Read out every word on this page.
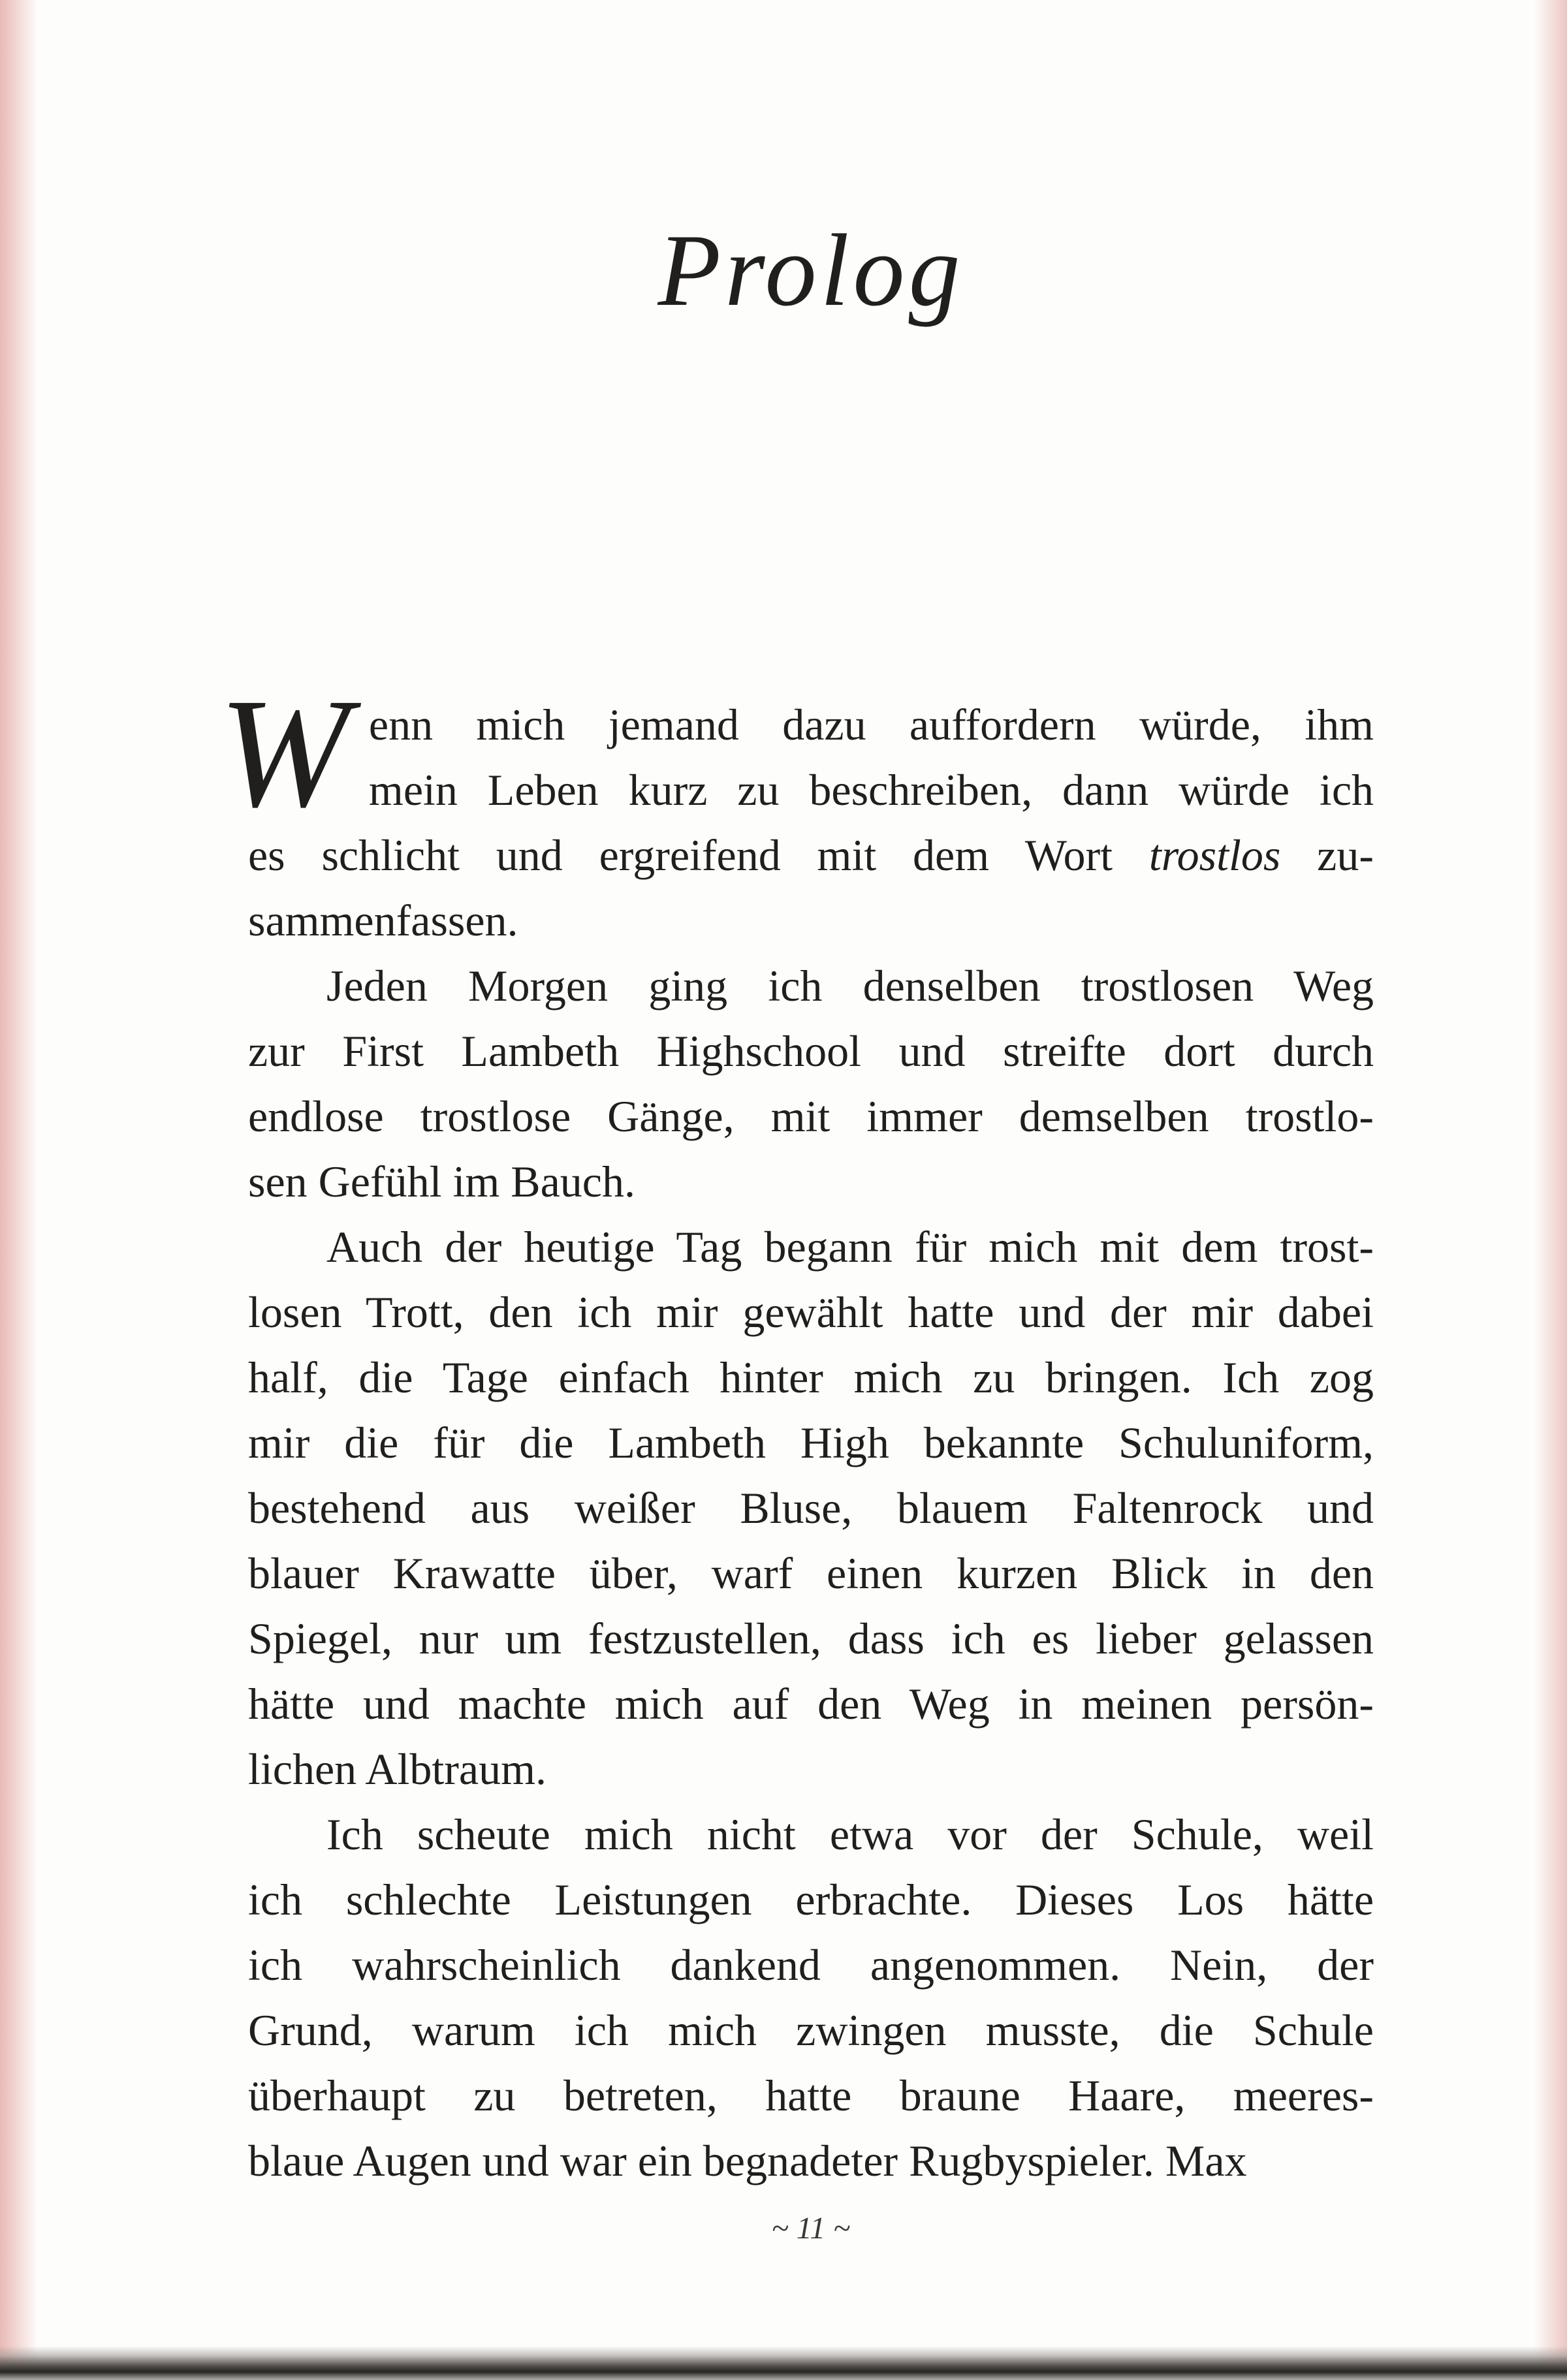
Prolog
W enn mich jemand dazu auffordern würde, ihm
mein Leben kurz zu beschreiben, dann würde ich
es schlicht und ergreifend mit dem Wort trostlos zu-
sammenfassen.
Jeden Morgen ging ich denselben trostlosen Weg
zur First Lambeth Highschool und streifte dort durch
endlose trostlose Gänge, mit immer demselben trostlo-
sen Gefühl im Bauch.
Auch der heutige Tag begann für mich mit dem trost-
losen Trott, den ich mir gewählt hatte und der mir dabei
half, die Tage einfach hinter mich zu bringen. Ich zog
mir die für die Lambeth High bekannte Schuluniform,
bestehend aus weißer Bluse, blauem Faltenrock und
blauer Krawatte über, warf einen kurzen Blick in den
Spiegel, nur um festzustellen, dass ich es lieber gelassen
hätte und machte mich auf den Weg in meinen persön-
lichen Albtraum.
Ich scheute mich nicht etwa vor der Schule, weil
ich schlechte Leistungen erbrachte. Dieses Los hätte
ich wahrscheinlich dankend angenommen. Nein, der
Grund, warum ich mich zwingen musste, die Schule
überhaupt zu betreten, hatte braune Haare, meeres-
blaue Augen und war ein begnadeter Rugbyspieler. Max
~ 11 ~
